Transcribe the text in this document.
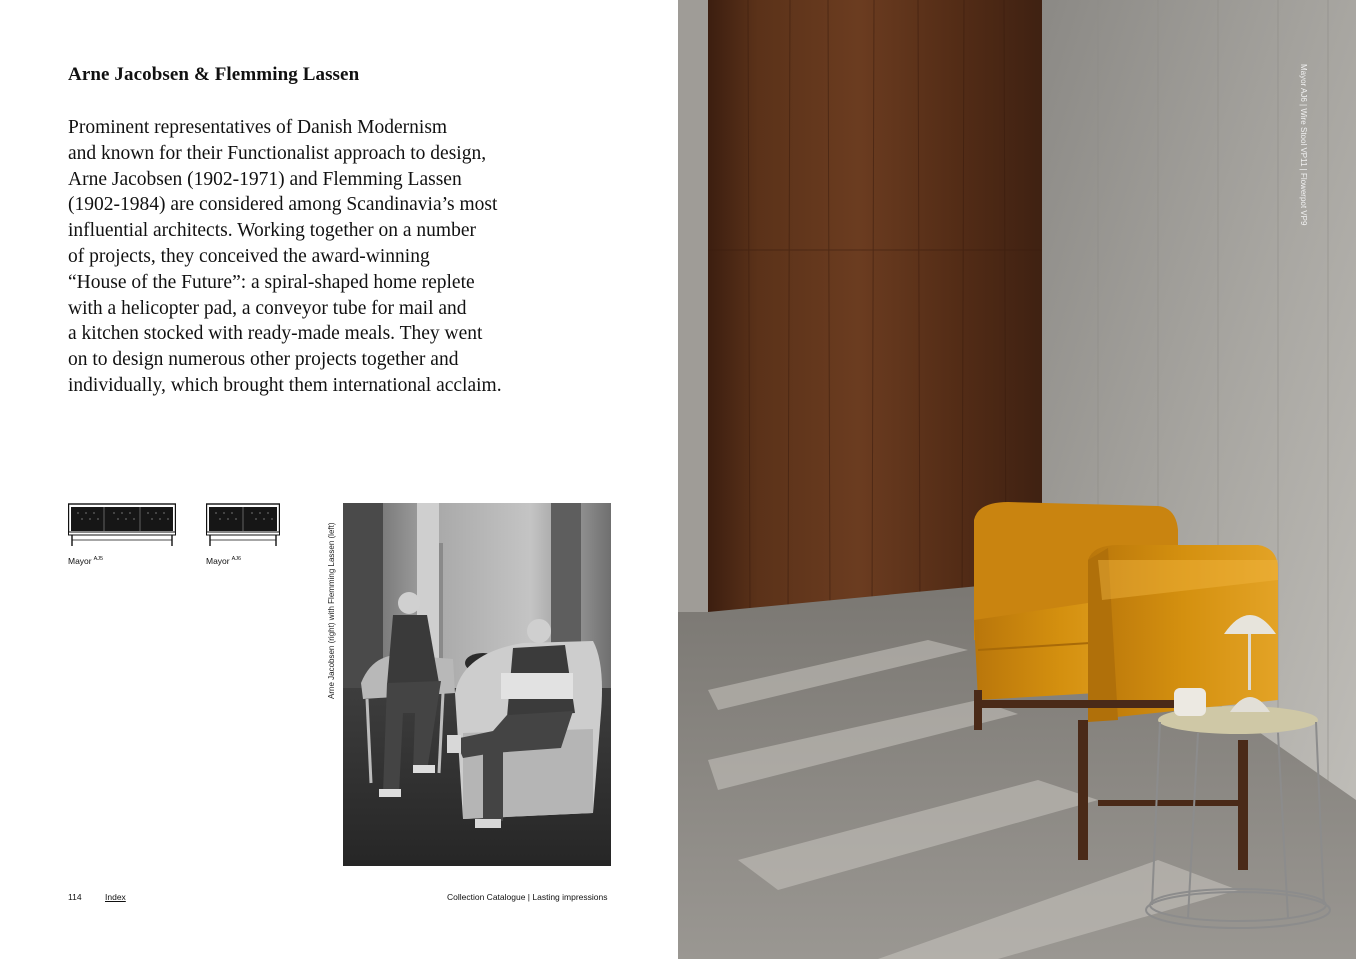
Arne Jacobsen & Flemming Lassen

Prominent representatives of Danish Modernism
and known for their Functionalist approach to design,
Arne Jacobsen (1902-1971) and Flemming Lassen
(1902-1984) are considered among Scandinavia’s most
influential architects. Working together on a number
of projects, they conceived the award-winning
“House of the Future”: a spiral-shaped home replete
with a helicopter pad, a conveyor tube for mail and
a kitchen stocked with ready-made meals. They went
on to design numerous other projects together and
individually, which brought them international acclaim.

Mayor $^{AJ5}$	Mayor $^{AJ6}$	Arne Jacobsen (right) with Flemming Lassen (left)
114	Index	Collection Catalogue | Lasting impressions
Mayor AJ6 | Wire Stool VP11 | Flowerpot VP9
